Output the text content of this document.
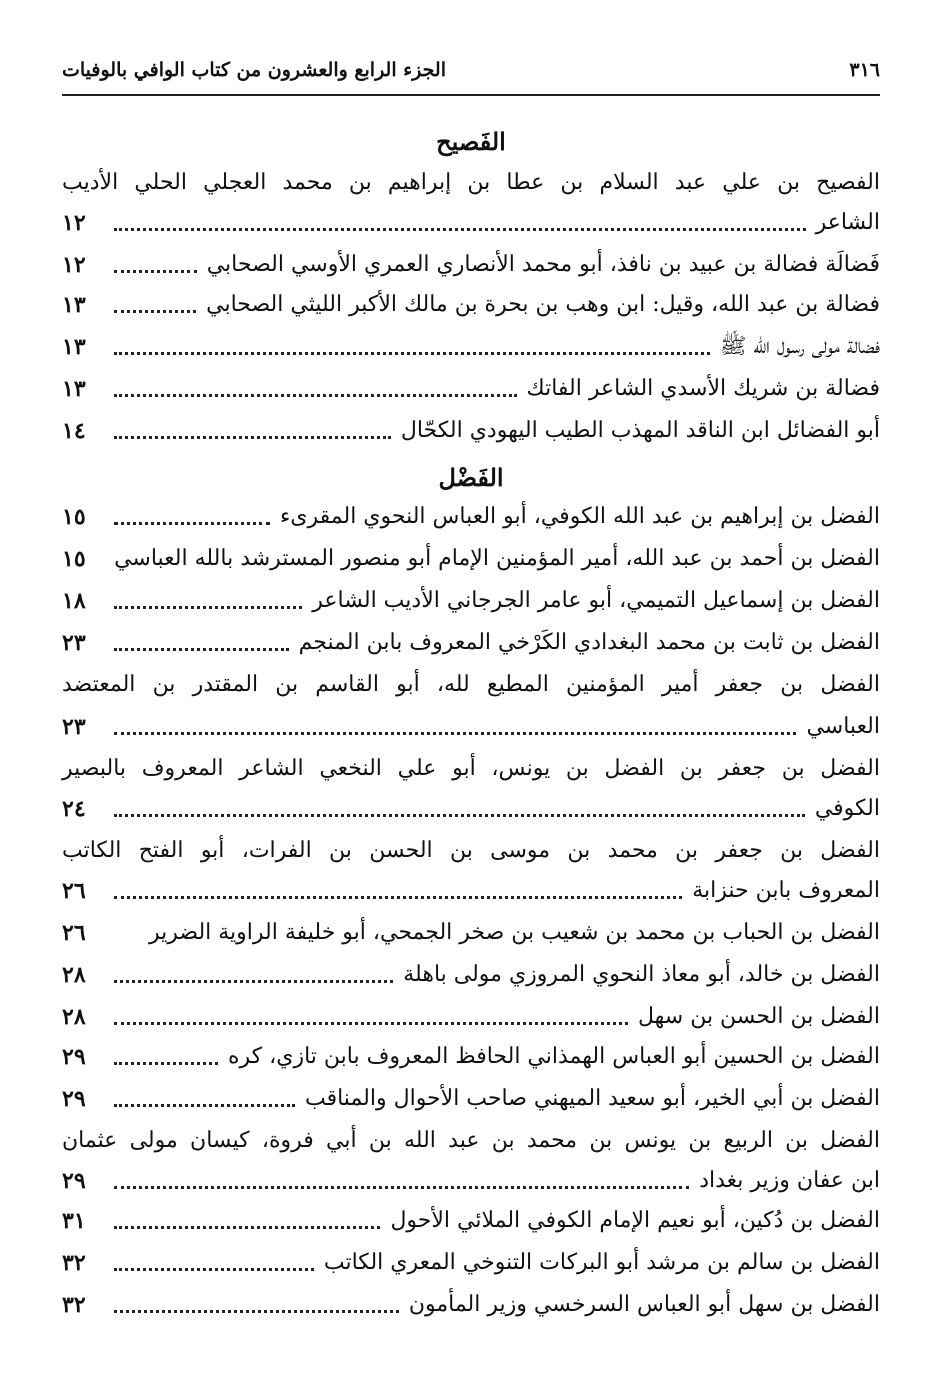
٣١٦
الجزء الرابع والعشرون من كتاب الوافي بالوفيات
الفَصيح
الفصيح بن علي عبد السلام بن عطا بن إبراهيم بن محمد العجلي الحلي الأديب
الشاعر
١٢
فَضالَة فضالة بن عبيد بن نافذ، أبو محمد الأنصاري العمري الأوسي الصحابي
١٢
فضالة بن عبد الله، وقيل: ابن وهب بن بحرة بن مالك الأكبر الليثي الصحابي
١٣
فضالة مولى رسول الله ﷺ
١٣
فضالة بن شريك الأسدي الشاعر الفاتك
١٣
أبو الفضائل ابن الناقد المهذب الطيب اليهودي الكحّال
١٤
الفَضْل
الفضل بن إبراهيم بن عبد الله الكوفي، أبو العباس النحوي المقرىء
١٥
الفضل بن أحمد بن عبد الله، أمير المؤمنين الإمام أبو منصور المسترشد بالله العباسي
١٥
الفضل بن إسماعيل التميمي، أبو عامر الجرجاني الأديب الشاعر
١٨
الفضل بن ثابت بن محمد البغدادي الكَرْخي المعروف بابن المنجم
٢٣
الفضل بن جعفر أمير المؤمنين المطيع لله، أبو القاسم بن المقتدر بن المعتضد
العباسي
٢٣
الفضل بن جعفر بن الفضل بن يونس، أبو علي النخعي الشاعر المعروف بالبصير
الكوفي
٢٤
الفضل بن جعفر بن محمد بن موسى بن الحسن بن الفرات، أبو الفتح الكاتب
المعروف بابن حنزابة
٢٦
الفضل بن الحباب بن محمد بن شعيب بن صخر الجمحي، أبو خليفة الراوية الضرير
٢٦
الفضل بن خالد، أبو معاذ النحوي المروزي مولى باهلة
٢٨
الفضل بن الحسن بن سهل
٢٨
الفضل بن الحسين أبو العباس الهمذاني الحافظ المعروف بابن تازي، كره
٢٩
الفضل بن أبي الخير، أبو سعيد الميهني صاحب الأحوال والمناقب
٢٩
الفضل بن الربيع بن يونس بن محمد بن عبد الله بن أبي فروة، كيسان مولى عثمان
ابن عفان وزير بغداد
٢٩
الفضل بن دُكين، أبو نعيم الإمام الكوفي الملائي الأحول
٣١
الفضل بن سالم بن مرشد أبو البركات التنوخي المعري الكاتب
٣٢
الفضل بن سهل أبو العباس السرخسي وزير المأمون
٣٢
